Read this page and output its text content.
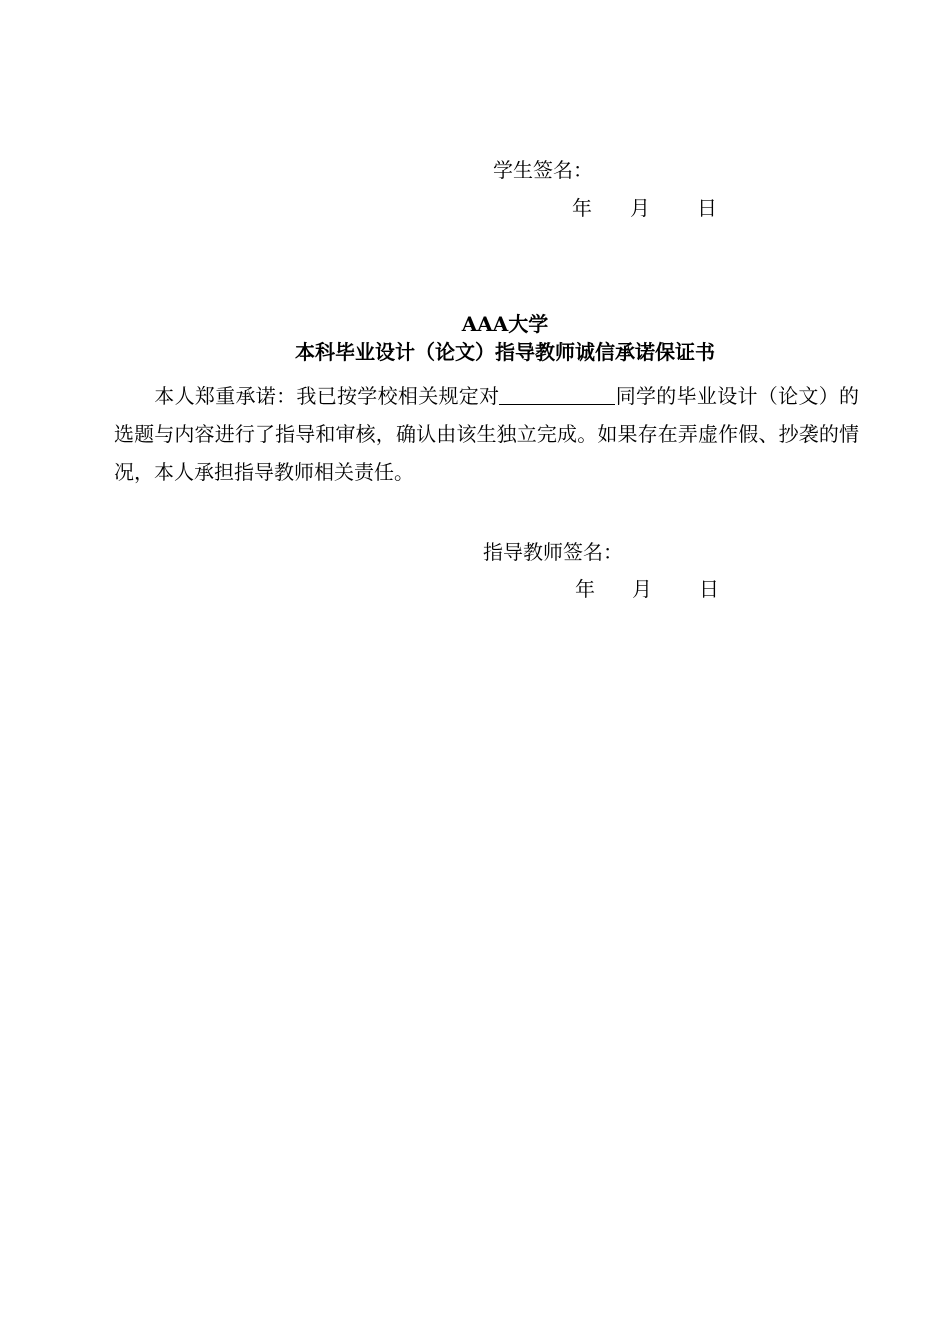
学生签名：
年 月 日
AAA大学
本科毕业设计（论文）指导教师诚信承诺保证书
本人郑重承诺：我已按学校相关规定对	同学的毕业设计（论文）的选题与内容进行了指导和审核，确认由该生独立完成。如果存在弄虚作假、抄袭的情况，本人承担指导教师相关责任。
指导教师签名：
年 月 日
